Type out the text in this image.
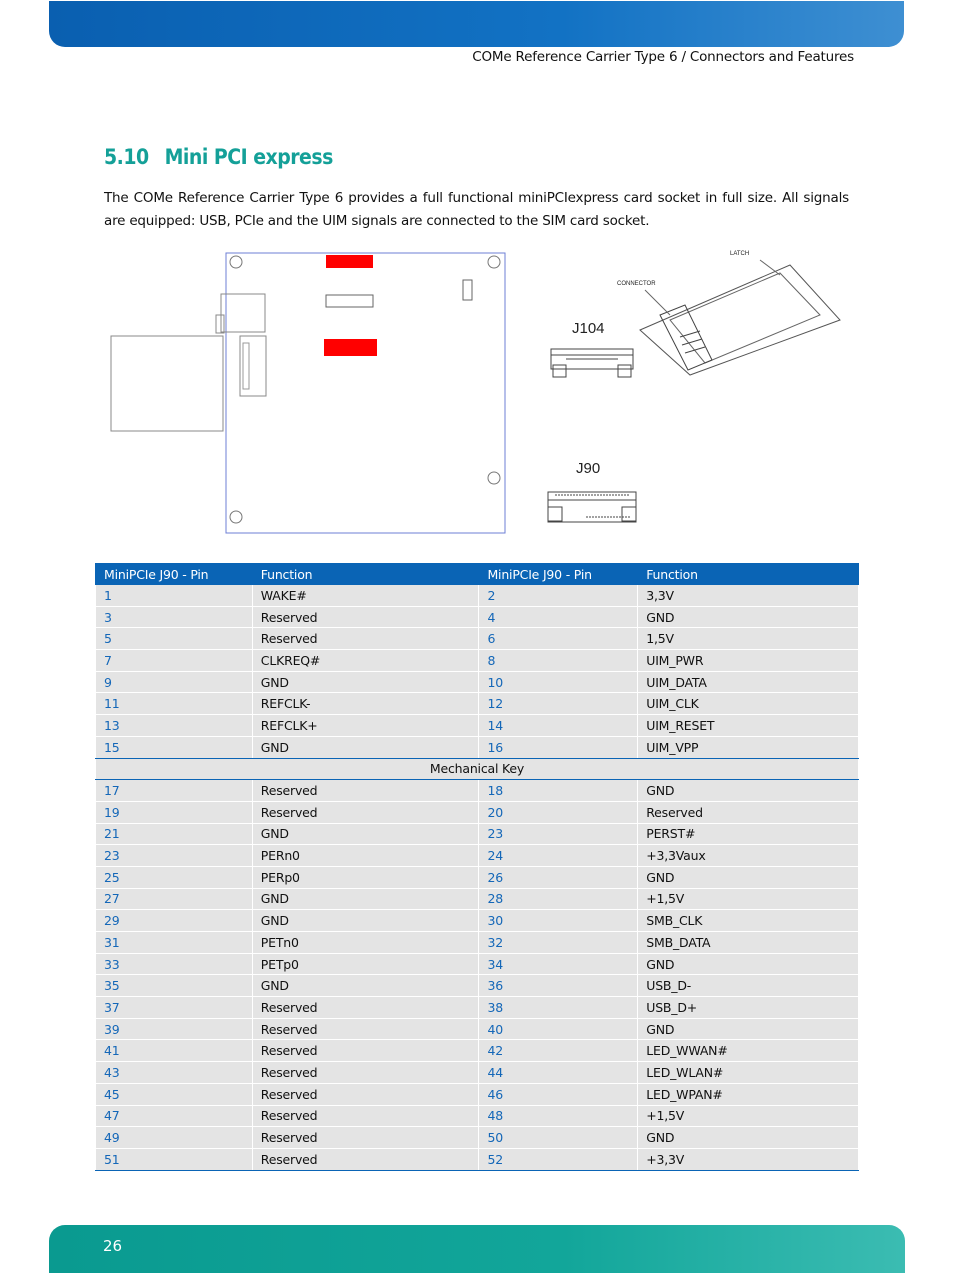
COMe Reference Carrier Type 6 / Connectors and Features
5.10 Mini PCI express
The COMe Reference Carrier Type 6 provides a full functional miniPCIexpress card socket in full size. All signals are equipped: USB, PCIe and the UIM signals are connected to the SIM card socket.
J104
J90
LATCH
CONNECTOR
MiniPCIe J90 - Pin	Function	MiniPCIe J90 - Pin	Function
1	WAKE#	2	3,3V
3	Reserved	4	GND
5	Reserved	6	1,5V
7	CLKREQ#	8	UIM_PWR
9	GND	10	UIM_DATA
11	REFCLK-	12	UIM_CLK
13	REFCLK+	14	UIM_RESET
15	GND	16	UIM_VPP
Mechanical Key			
17	Reserved	18	GND
19	Reserved	20	Reserved
21	GND	23	PERST#
23	PERn0	24	+3,3Vaux
25	PERp0	26	GND
27	GND	28	+1,5V
29	GND	30	SMB_CLK
31	PETn0	32	SMB_DATA
33	PETp0	34	GND
35	GND	36	USB_D-
37	Reserved	38	USB_D+
39	Reserved	40	GND
41	Reserved	42	LED_WWAN#
43	Reserved	44	LED_WLAN#
45	Reserved	46	LED_WPAN#
47	Reserved	48	+1,5V
49	Reserved	50	GND
51	Reserved	52	+3,3V
26
